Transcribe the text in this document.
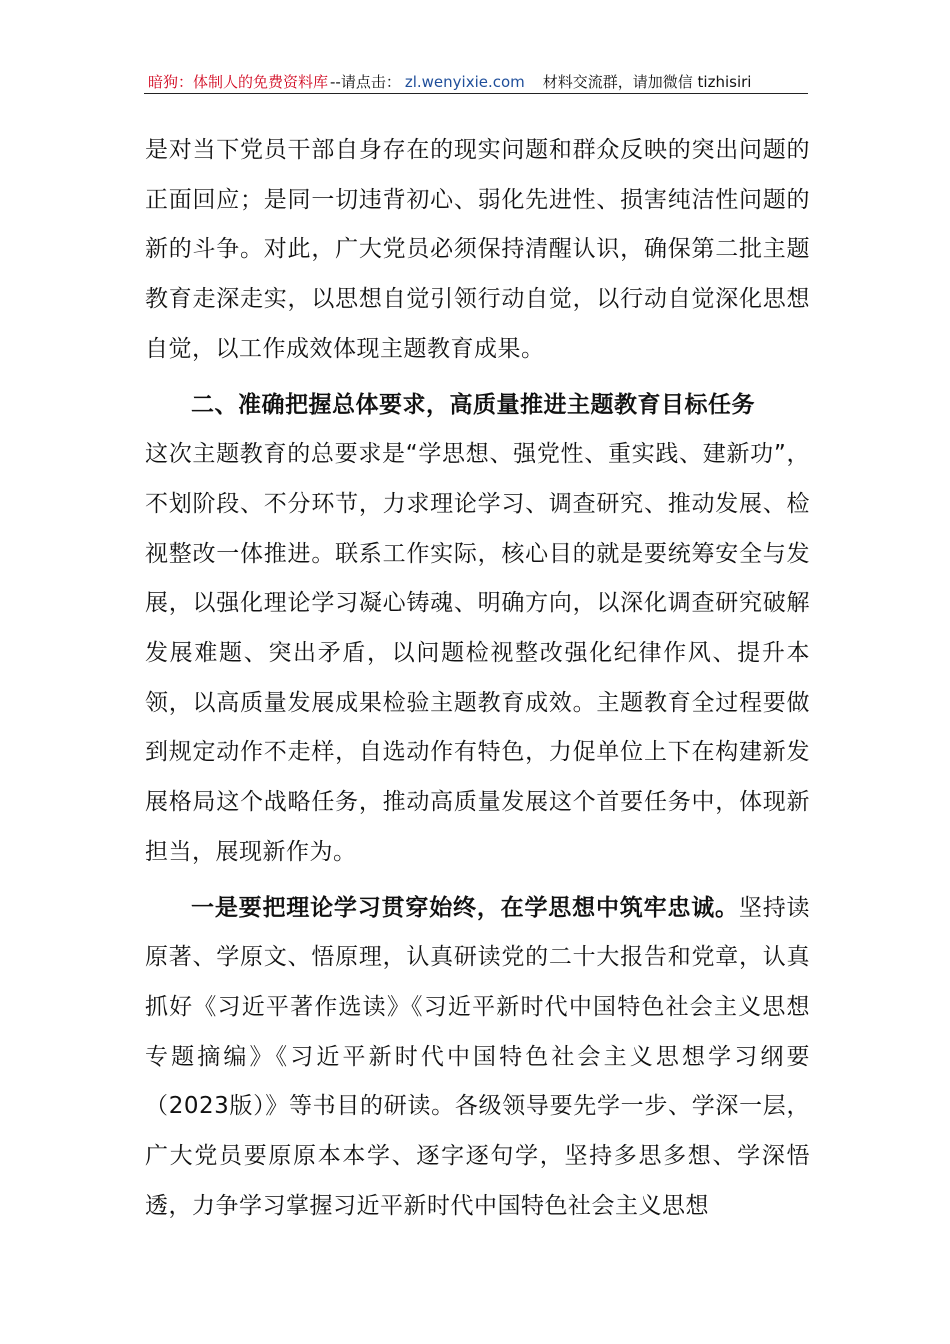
暗狗：体制人的免费资料库 --请点击： zl.wenyixie.com 材料交流群，请加微信 tizhisiri

是对当下党员干部自身存在的现实问题和群众反映的突出问题的正面回应；是同一切违背初心、弱化先进性、损害纯洁性问题的新的斗争。对此，广大党员必须保持清醒认识，确保第二批主题教育走深走实，以思想自觉引领行动自觉，以行动自觉深化思想自觉，以工作成效体现主题教育成果。

二、准确把握总体要求，高质量推进主题教育目标任务

这次主题教育的总要求是“学思想、强党性、重实践、建新功”，不划阶段、不分环节，力求理论学习、调查研究、推动发展、检视整改一体推进。联系工作实际，核心目的就是要统筹安全与发展，以强化理论学习凝心铸魂、明确方向，以深化调查研究破解发展难题、突出矛盾，以问题检视整改强化纪律作风、提升本领，以高质量发展成果检验主题教育成效。主题教育全过程要做到规定动作不走样，自选动作有特色，力促单位上下在构建新发展格局这个战略任务，推动高质量发展这个首要任务中，体现新担当，展现新作为。

一是要把理论学习贯穿始终，在学思想中筑牢忠诚。坚持读原著、学原文、悟原理，认真研读党的二十大报告和党章，认真抓好《习近平著作选读》《习近平新时代中国特色社会主义思想专题摘编》《习近平新时代中国特色社会主义思想学习纲要（2023版）》等书目的研读。各级领导要先学一步、学深一层，广大党员要原原本本学、逐字逐句学，坚持多思多想、学深悟透，力争学习掌握习近平新时代中国特色社会主义思想
